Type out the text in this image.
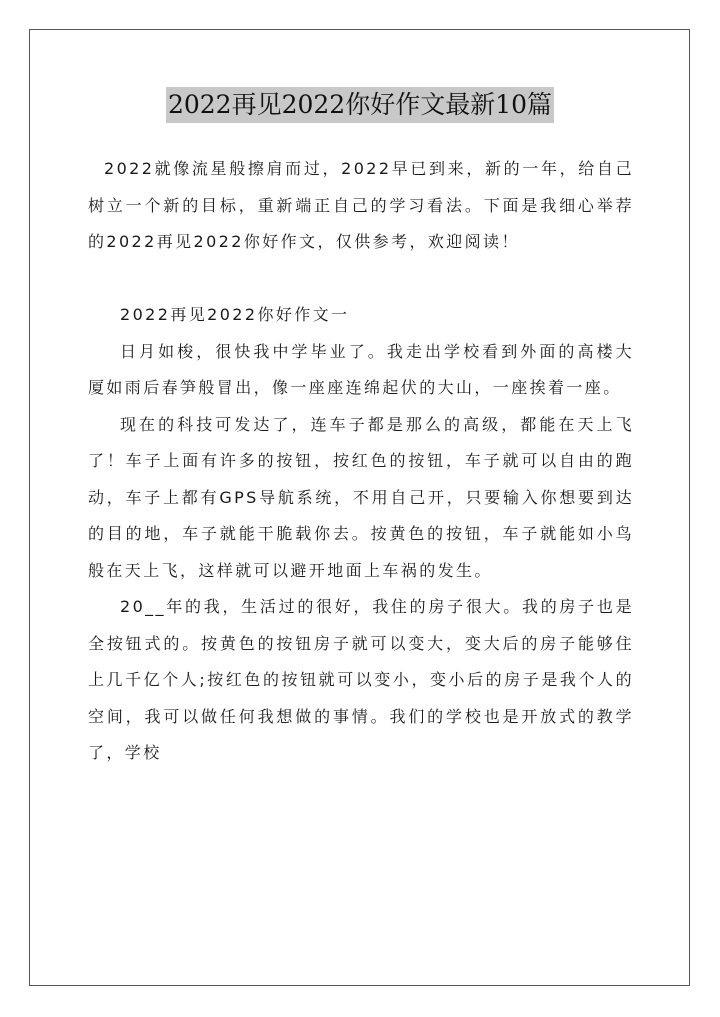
2022再见2022你好作文最新10篇

2022就像流星般擦肩而过，2022早已到来，新的一年，给自己树立一个新的目标，重新端正自己的学习看法。下面是我细心举荐的2022再见2022你好作文，仅供参考，欢迎阅读！

2022再见2022你好作文一

日月如梭，很快我中学毕业了。我走出学校看到外面的高楼大厦如雨后春笋般冒出，像一座座连绵起伏的大山，一座挨着一座。

现在的科技可发达了，连车子都是那么的高级，都能在天上飞了！车子上面有许多的按钮，按红色的按钮，车子就可以自由的跑动，车子上都有GPS导航系统，不用自己开，只要输入你想要到达的目的地，车子就能干脆载你去。按黄色的按钮，车子就能如小鸟般在天上飞，这样就可以避开地面上车祸的发生。

20__年的我，生活过的很好，我住的房子很大。我的房子也是全按钮式的。按黄色的按钮房子就可以变大，变大后的房子能够住上几千亿个人;按红色的按钮就可以变小，变小后的房子是我个人的空间，我可以做任何我想做的事情。我们的学校也是开放式的教学了，学校
